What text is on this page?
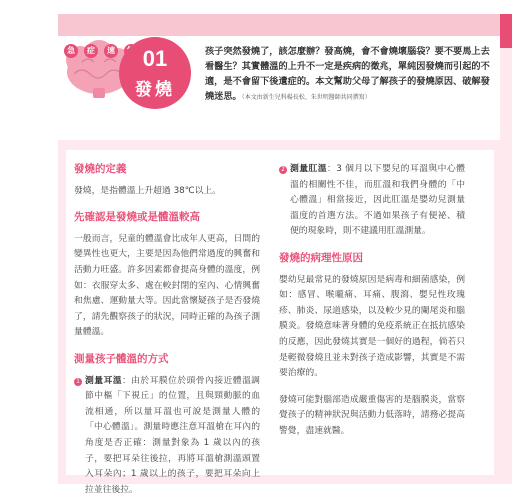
急	症	速	01
發燒
孩子突然發燒了，該怎麼辦？發高燒，會不會燒壞腦袋？要不要馬上去看醫生？其實體溫的上升不一定是疾病的徵兆，單純因發燒而引起的不適，是不會留下後遺症的。本文幫助父母了解孩子的發燒原因、破解發燒迷思。（本文由新生兒科楊長松、朱世明醫師共同撰寫）
發燒的定義

發燒，是指體溫上升超過 38℃以上。

先確認是發燒或是體溫較高

一般而言，兒童的體溫會比成年人更高，日間的變異性也更大，主要是因為他們常過度的興奮和活動力旺盛。許多因素都會提高身體的溫度，例如：衣服穿太多、處在較封閉的室內、心情興奮和焦慮、運動量大等。因此當懷疑孩子是否發燒了，請先觀察孩子的狀況，同時正確的為孩子測量體溫。

測量孩子體溫的方式
1 測量耳溫：由於耳膜位於頭骨內接近體溫調節中樞「下視丘」的位置，且與頸動脈的血流相通，所以量耳溫也可說是測量人體的「中心體溫」。測量時應注意耳溫槍在耳內的角度是否正確：測量對象為 1 歲以內的孩子，要把耳朵往後拉，再將耳溫槍測溫頭置入耳朵內；1 歲以上的孩子，要把耳朵向上拉並往後拉。
2 測量肛溫：3 個月以下嬰兒的耳溫與中心體溫的相關性不佳，而肛溫和我們身體的「中心體溫」相當接近，因此肛溫是嬰幼兒測量溫度的首選方法。不過如果孩子有便祕、積便的現象時，則不建議用肛溫測量。
發燒的病理性原因

嬰幼兒最常見的發燒原因是病毒和細菌感染，例如：感冒、喉嚨痛、耳痛、腹瀉、嬰兒性玫瑰疹、肺炎、尿道感染，以及較少見的闌尾炎和腦膜炎。發燒意味著身體的免疫系統正在抵抗感染的反應，因此發燒其實是一個好的過程，倘若只是輕微發燒且並未對孩子造成影響，其實是不需要治療的。

發燒可能對腦部造成嚴重傷害的是腦膜炎，當察覺孩子的精神狀況與活動力低落時，請務必提高警覺，盡速就醫。
